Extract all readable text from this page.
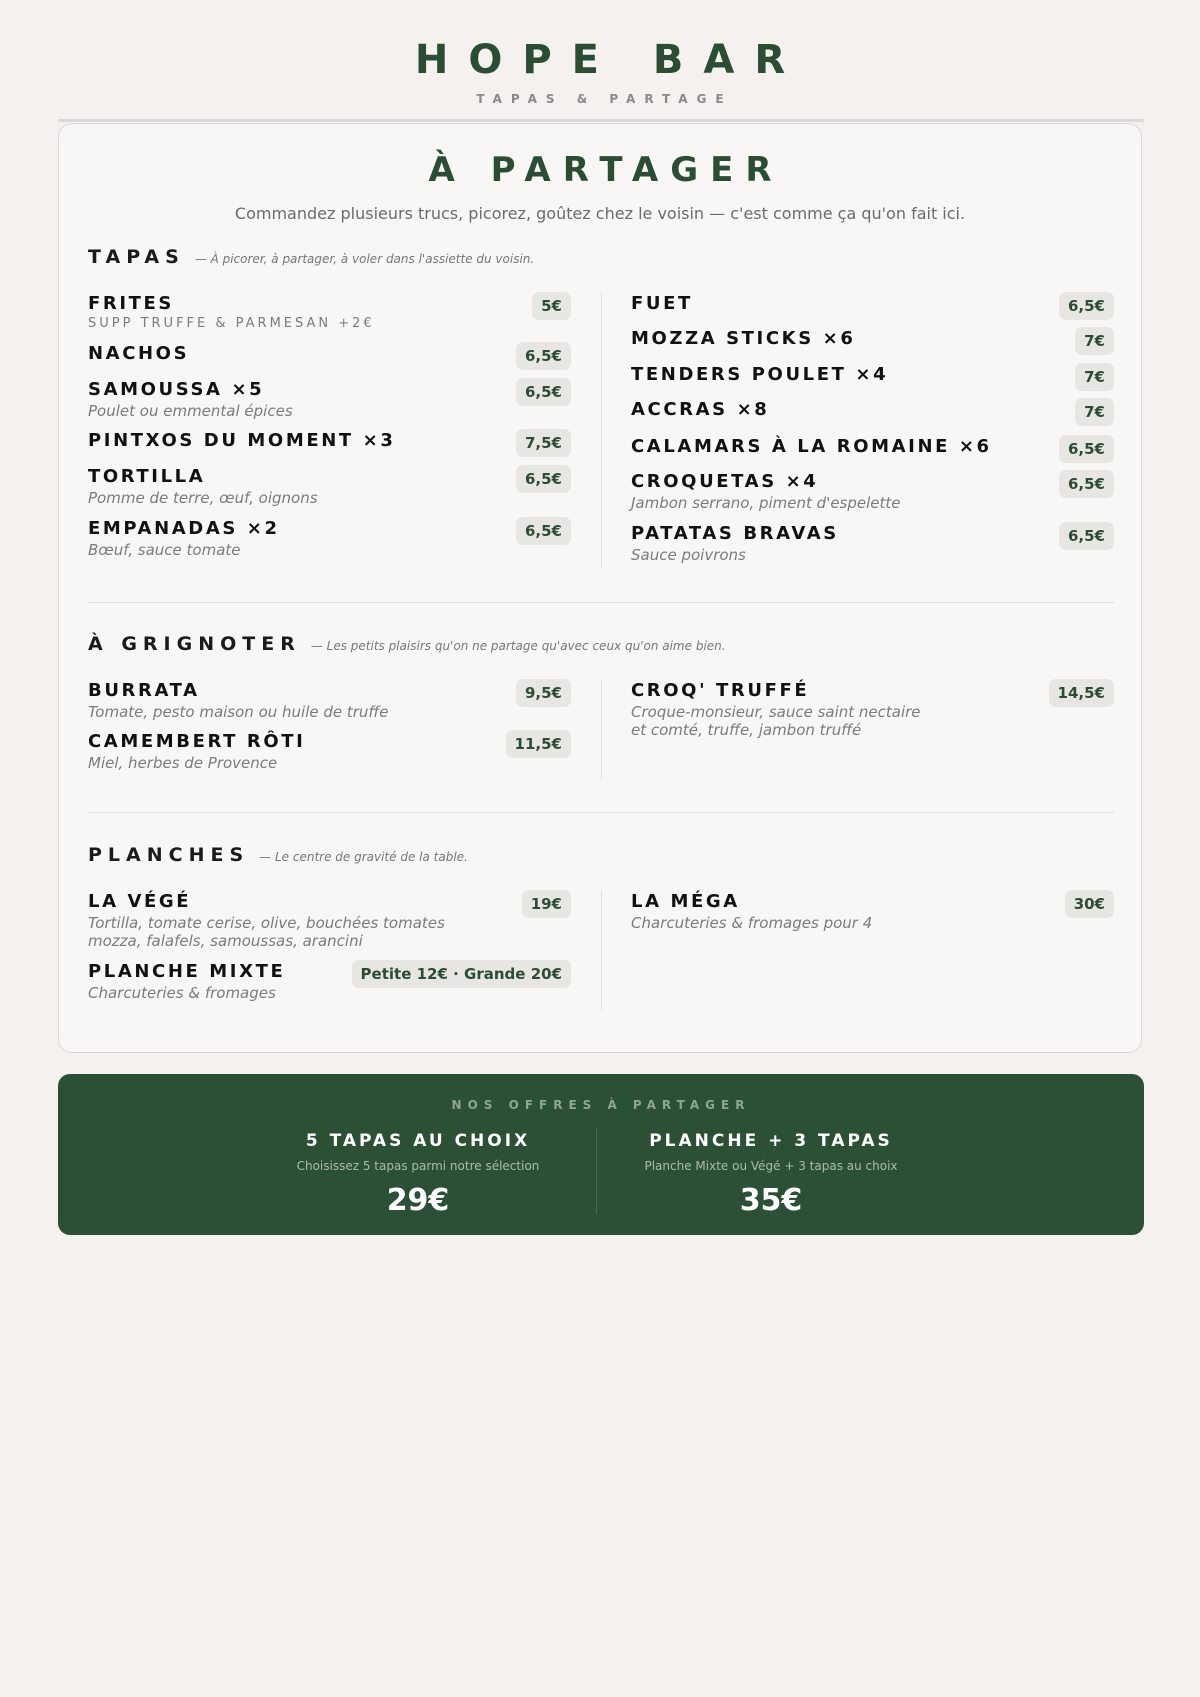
HOPE BAR
TAPAS & PARTAGE
À PARTAGER
Commandez plusieurs trucs, picorez, goûtez chez le voisin — c'est comme ça qu'on fait ici.
TAPAS — À picorer, à partager, à voler dans l'assiette du voisin.
FRITES
SUPP TRUFFE & PARMESAN +2€
5€
NACHOS	6,5€
SAMOUSSA ×5
Poulet ou emmental épices
6,5€
PINTXOS DU MOMENT ×3	7,5€
TORTILLA
Pomme de terre, œuf, oignons
6,5€
EMPANADAS ×2
Bœuf, sauce tomate
6,5€
FUET	6,5€
MOZZA STICKS ×6	7€
TENDERS POULET ×4	7€
ACCRAS ×8	7€
CALAMARS À LA ROMAINE ×6	6,5€
CROQUETAS ×4
Jambon serrano, piment d'espelette
6,5€
PATATAS BRAVAS
Sauce poivrons
6,5€
À GRIGNOTER — Les petits plaisirs qu'on ne partage qu'avec ceux qu'on aime bien.
BURRATA
Tomate, pesto maison ou huile de truffe
9,5€
CAMEMBERT RÔTI
Miel, herbes de Provence
11,5€
CROQ' TRUFFÉ
Croque-monsieur, sauce saint nectaire et comté, truffe, jambon truffé
14,5€
PLANCHES — Le centre de gravité de la table.
LA VÉGÉ
Tortilla, tomate cerise, olive, bouchées tomates mozza, falafels, samoussas, arancini
19€
PLANCHE MIXTE
Charcuteries & fromages
Petite 12€ · Grande 20€
LA MÉGA
Charcuteries & fromages pour 4
30€
NOS OFFRES À PARTAGER
5 TAPAS AU CHOIX
Choisissez 5 tapas parmi notre sélection
29€
PLANCHE + 3 TAPAS
Planche Mixte ou Végé + 3 tapas au choix
35€
